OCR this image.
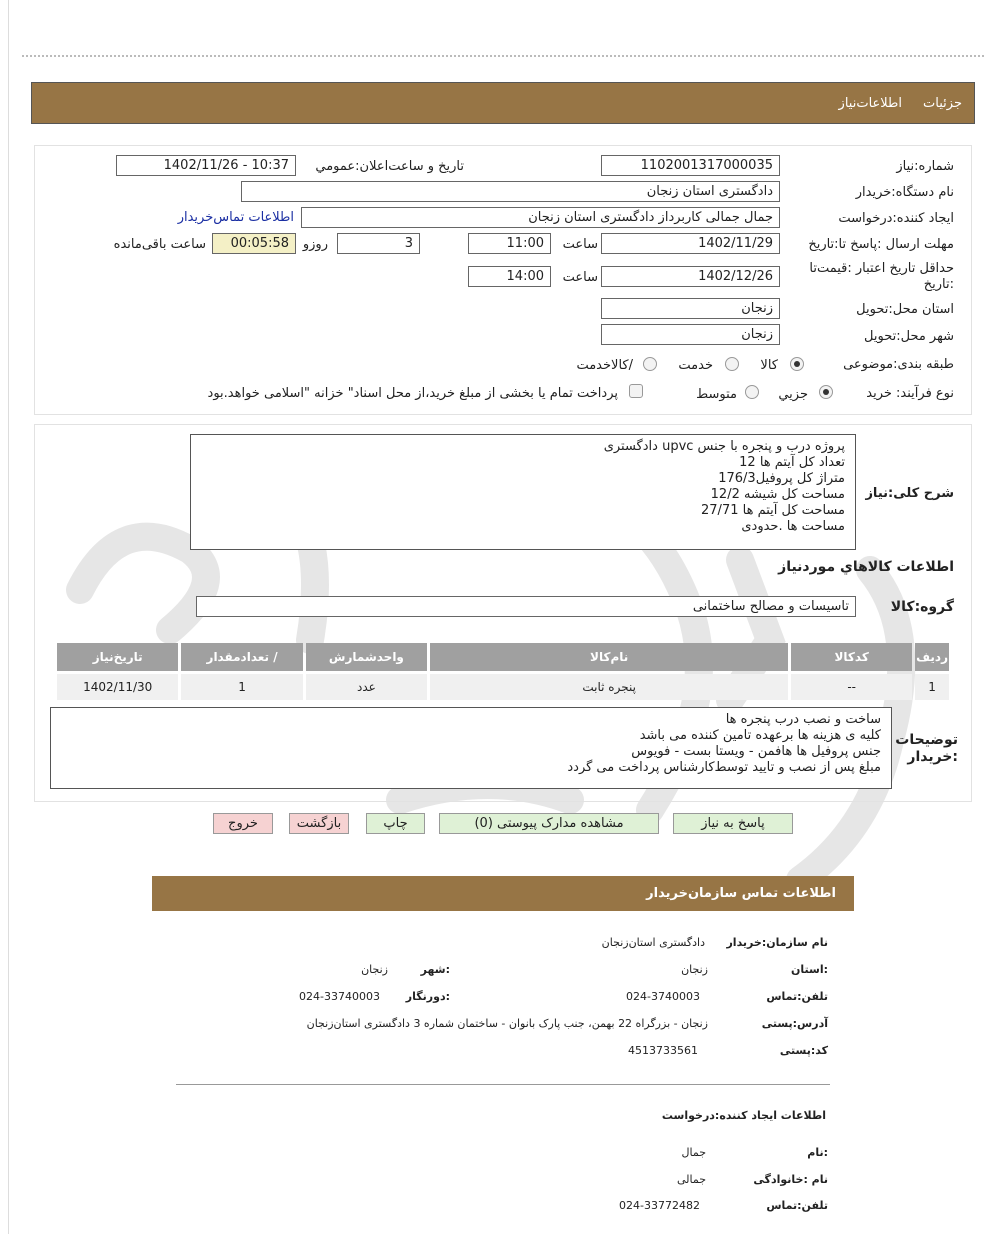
جزئیات
اطلاعات‌نیاز
شماره:نیاز
1102001317000035
تاریخ و ساعت‌اعلان:عمومي
1402/11/26 - 10:37
نام دستگاه:خریدار
دادگستری استان زنجان
ایجاد کننده:درخواست
جمال جمالی کاربرداز دادگستری استان زنجان
اطلاعات تماس‌خریدار
مهلت ارسال :پاسخ تا:تاریخ
1402/11/29
ساعت
11:00
3
روزو
00:05:58
ساعت باقی‌مانده
حداقل تاریخ اعتبار :قیمت‌تا :تاریخ
1402/12/26
ساعت
14:00
استان محل:تحویل
زنجان
شهر محل:تحویل
زنجان
طبقه بندی:موضوعی
کالا
خدمت
/کالاخدمت
نوع فرآیند: خرید
جزیي
متوسط
پرداخت تمام یا بخشی از مبلغ خرید،از محل اسناد" خزانه "اسلامی خواهد.بود
شرح کلی:نیاز
پروژه درب و پنجره با جنس upvc دادگستری
تعداد کل آیتم ها 12
متراژ کل پروفیل176/3
مساحت کل شیشه 12/2
مساحت کل آیتم ها 27/71
مساحت ها .حدودی
اطلاعات کالاهاي موردنیاز
گروه:کالا
تاسیسات و مصالح ساختمانی
ردیف	کدکالا	نام‌کالا	واحدشمارش	/ تعدادمقدار	تاریخ‌نیاز
1	--	پنجره ثابت	عدد	1	1402/11/30
توضیحات :خریدار
ساخت و نصب درب پنجره ها
کلیه ی هزینه ها برعهده تامین کننده می باشد
جنس پروفیل ها هافمن - ویستا بست - فویوس
مبلغ پس از نصب و تایید توسط‌کارشناس پرداخت می گردد
پاسخ به نیاز
مشاهده مدارک پیوستی (0)
چاپ
بازگشت
خروج
اطلاعات تماس سازمان‌خریدار
نام سازمان:خریدار
دادگستری استان‌زنجان
:استان
زنجان
:شهر
زنجان
تلفن:تماس
024-3740003
:دورنگار
024-33740003
آدرس:پستی
زنجان - بزرگراه 22 بهمن، جنب پارک بانوان - ساختمان شماره 3 دادگستری استان‌زنجان
کد:پستی
4513733561
اطلاعات ایجاد کننده:درخواست
:نام
جمال
نام :خانوادگی
جمالی
تلفن:تماس
024-33772482
